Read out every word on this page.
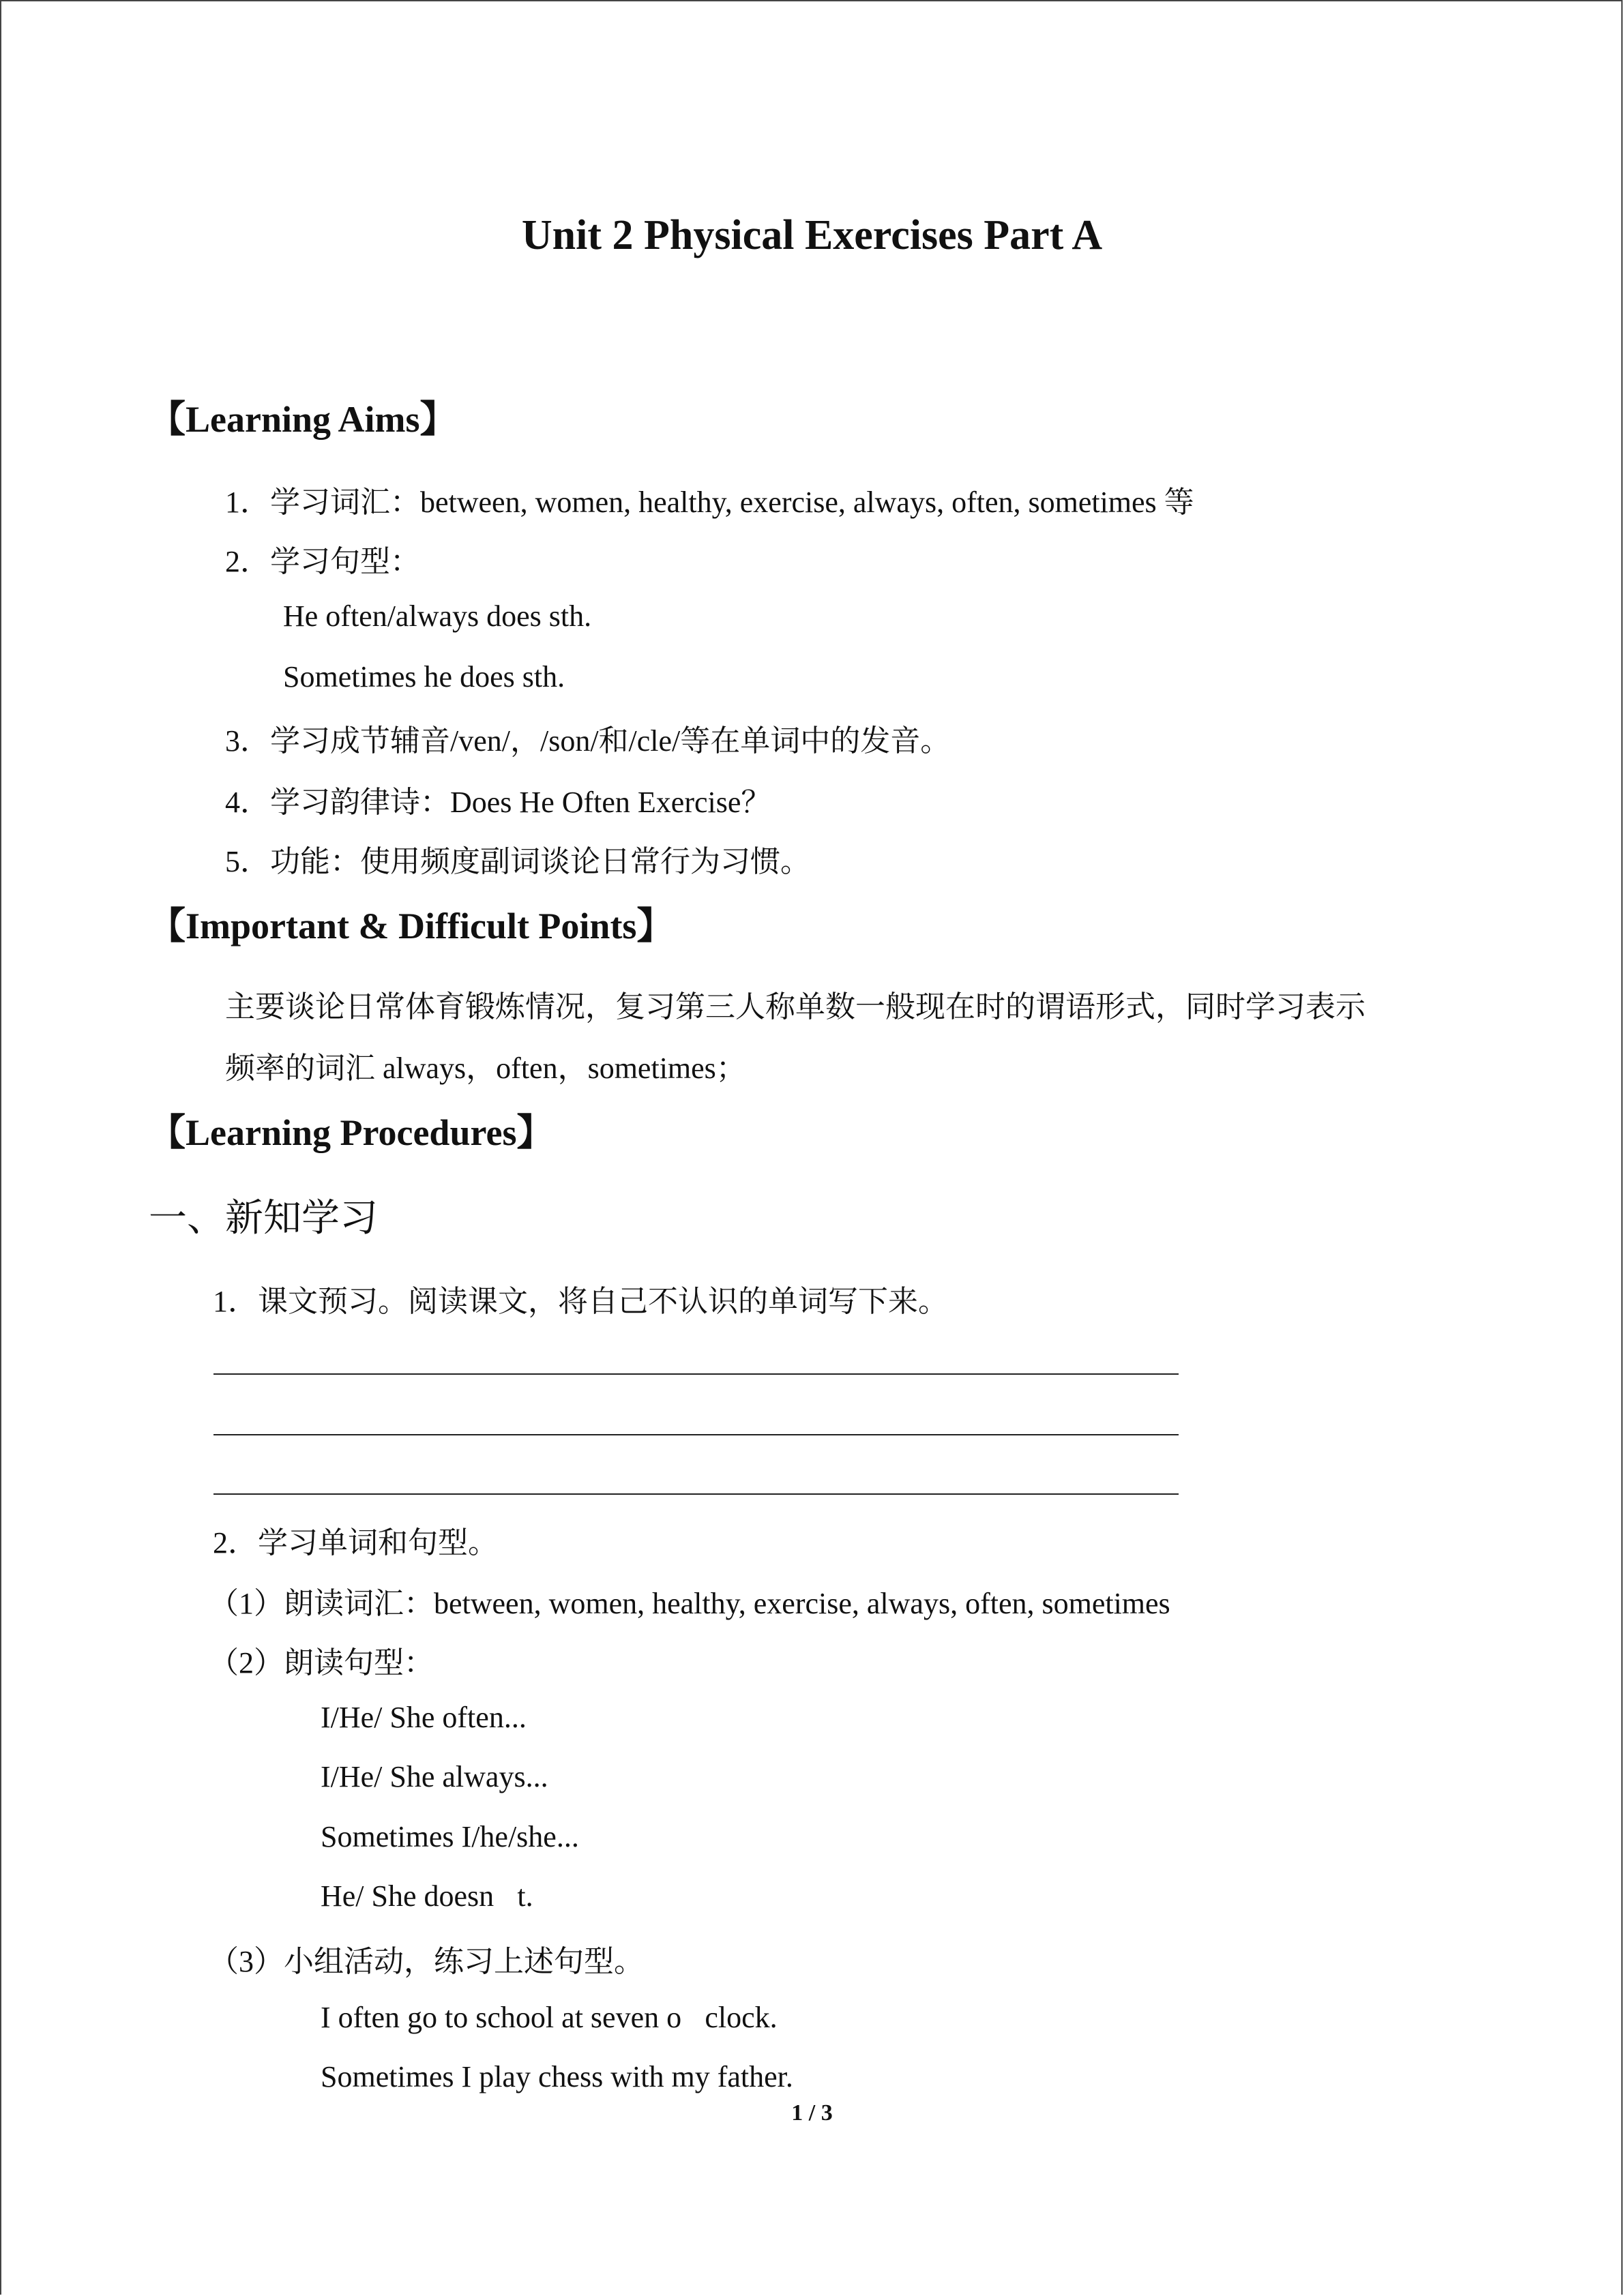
Unit 2 Physical Exercises Part A
【Learning Aims】
1．学习词汇：between, women, healthy, exercise, always, often, sometimes 等
2．学习句型：
He often/always does sth.
Sometimes he does sth.
3．学习成节辅音/ven/，/son/和/cle/等在单词中的发音。
4．学习韵律诗：Does He Often Exercise？
5．功能：使用频度副词谈论日常行为习惯。
【Important & Difficult Points】
主要谈论日常体育锻炼情况，复习第三人称单数一般现在时的谓语形式，同时学习表示
频率的词汇 always，often，sometimes；
【Learning Procedures】
一、新知学习
1．课文预习。阅读课文，将自己不认识的单词写下来。
2．学习单词和句型。
（1）朗读词汇：between, women, healthy, exercise, always, often, sometimes
（2）朗读句型：
I/He/ She often...
I/He/ She always...
Sometimes I/he/she...
He/ She doesn t.
（3）小组活动，练习上述句型。
I often go to school at seven o clock.
Sometimes I play chess with my father.
1 / 3
